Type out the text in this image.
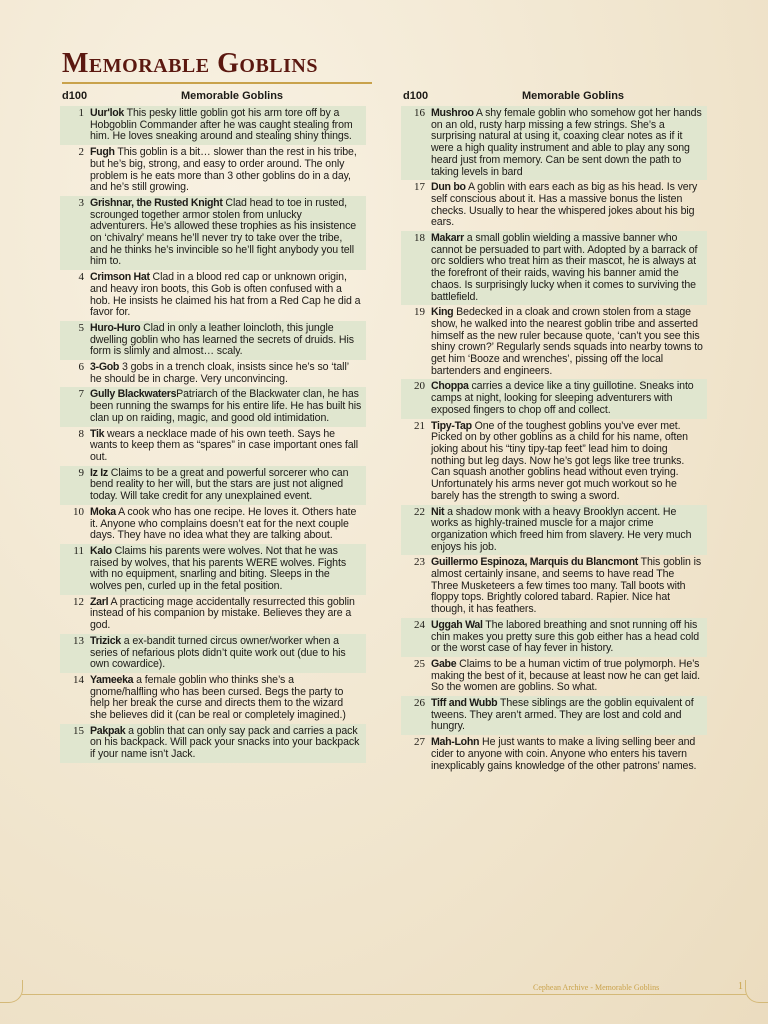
Memorable Goblins
d100	Memorable Goblins
1 Uur'lok This pesky little goblin got his arm tore off by a Hobgoblin Commander after he was caught stealing from him. He loves sneaking around and stealing shiny things.
2 Fugh This goblin is a bit… slower than the rest in his tribe, but he’s big, strong, and easy to order around. The only problem is he eats more than 3 other goblins do in a day, and he’s still growing.
3 Grishnar, the Rusted Knight Clad head to toe in rusted, scrounged together armor stolen from unlucky adventurers. He’s allowed these trophies as his insistence on ‘chivalry’ means he’ll never try to take over the tribe, and he thinks he’s invincible so he’ll fight anybody you tell him to.
4 Crimson Hat Clad in a blood red cap or unknown origin, and heavy iron boots, this Gob is often confused with a hob. He insists he claimed his hat from a Red Cap he did a favor for.
5 Huro-Huro Clad in only a leather loincloth, this jungle dwelling goblin who has learned the secrets of druids. His form is slimly and almost… scaly.
6 3-Gob 3 gobs in a trench cloak, insists since he’s so ‘tall’ he should be in charge. Very unconvincing.
7 Gully BlackwatersPatriarch of the Blackwater clan, he has been running the swamps for his entire life. He has built his clan up on raiding, magic, and good old intimidation.
8 Tik wears a necklace made of his own teeth. Says he wants to keep them as “spares” in case important ones fall out.
9 Iz Iz Claims to be a great and powerful sorcerer who can bend reality to her will, but the stars are just not aligned today. Will take credit for any unexplained event.
10 Moka A cook who has one recipe. He loves it. Others hate it. Anyone who complains doesn’t eat for the next couple days. They have no idea what they are talking about.
11 Kalo Claims his parents were wolves. Not that he was raised by wolves, that his parents WERE wolves. Fights with no equipment, snarling and biting. Sleeps in the wolves pen, curled up in the fetal position.
12 Zarl A practicing mage accidentally resurrected this goblin instead of his companion by mistake. Believes they are a god.
13 Trizick a ex-bandit turned circus owner/worker when a series of nefarious plots didn’t quite work out (due to his own cowardice).
14 Yameeka a female goblin who thinks she’s a gnome/halfling who has been cursed. Begs the party to help her break the curse and directs them to the wizard she believes did it (can be real or completely imagined.)
15 Pakpak a goblin that can only say pack and carries a pack on his backpack. Will pack your snacks into your backpack if your name isn’t Jack.
d100	Memorable Goblins
16 Mushroo A shy female goblin who somehow got her hands on an old, rusty harp missing a few strings. She’s a surprising natural at using it, coaxing clear notes as if it were a high quality instrument and able to play any song heard just from memory. Can be sent down the path to taking levels in bard
17 Dun bo A goblin with ears each as big as his head. Is very self conscious about it. Has a massive bonus the listen checks. Usually to hear the whispered jokes about his big ears.
18 Makarr a small goblin wielding a massive banner who cannot be persuaded to part with. Adopted by a barrack of orc soldiers who treat him as their mascot, he is always at the forefront of their raids, waving his banner amid the chaos. Is surprisingly lucky when it comes to surviving the battlefield.
19 King Bedecked in a cloak and crown stolen from a stage show, he walked into the nearest goblin tribe and asserted himself as the new ruler because quote, ‘can’t you see this shiny crown?’ Regularly sends squads into nearby towns to get him ‘Booze and wrenches’, pissing off the local bartenders and engineers.
20 Choppa carries a device like a tiny guillotine. Sneaks into camps at night, looking for sleeping adventurers with exposed fingers to chop off and collect.
21 Tipy-Tap One of the toughest goblins you’ve ever met. Picked on by other goblins as a child for his name, often joking about his “tiny tipy-tap feet” lead him to doing nothing but leg days. Now he’s got legs like tree trunks. Can squash another goblins head without even trying. Unfortunately his arms never got much workout so he barely has the strength to swing a sword.
22 Nit a shadow monk with a heavy Brooklyn accent. He works as highly-trained muscle for a major crime organization which freed him from slavery. He very much enjoys his job.
23 Guillermo Espinoza, Marquis du Blancmont This goblin is almost certainly insane, and seems to have read The Three Musketeers a few times too many. Tall boots with floppy tops. Brightly colored tabard. Rapier. Nice hat though, it has feathers.
24 Uggah Wal The labored breathing and snot running off his chin makes you pretty sure this gob either has a head cold or the worst case of hay fever in history.
25 Gabe Claims to be a human victim of true polymorph. He’s making the best of it, because at least now he can get laid. So the women are goblins. So what.
26 Tiff and Wubb These siblings are the goblin equivalent of tweens. They aren’t armed. They are lost and cold and hungry.
27 Mah-Lohn He just wants to make a living selling beer and cider to anyone with coin. Anyone who enters his tavern inexplicably gains knowledge of the other patrons’ names.
Cephean Archive - Memorable Goblins	1
